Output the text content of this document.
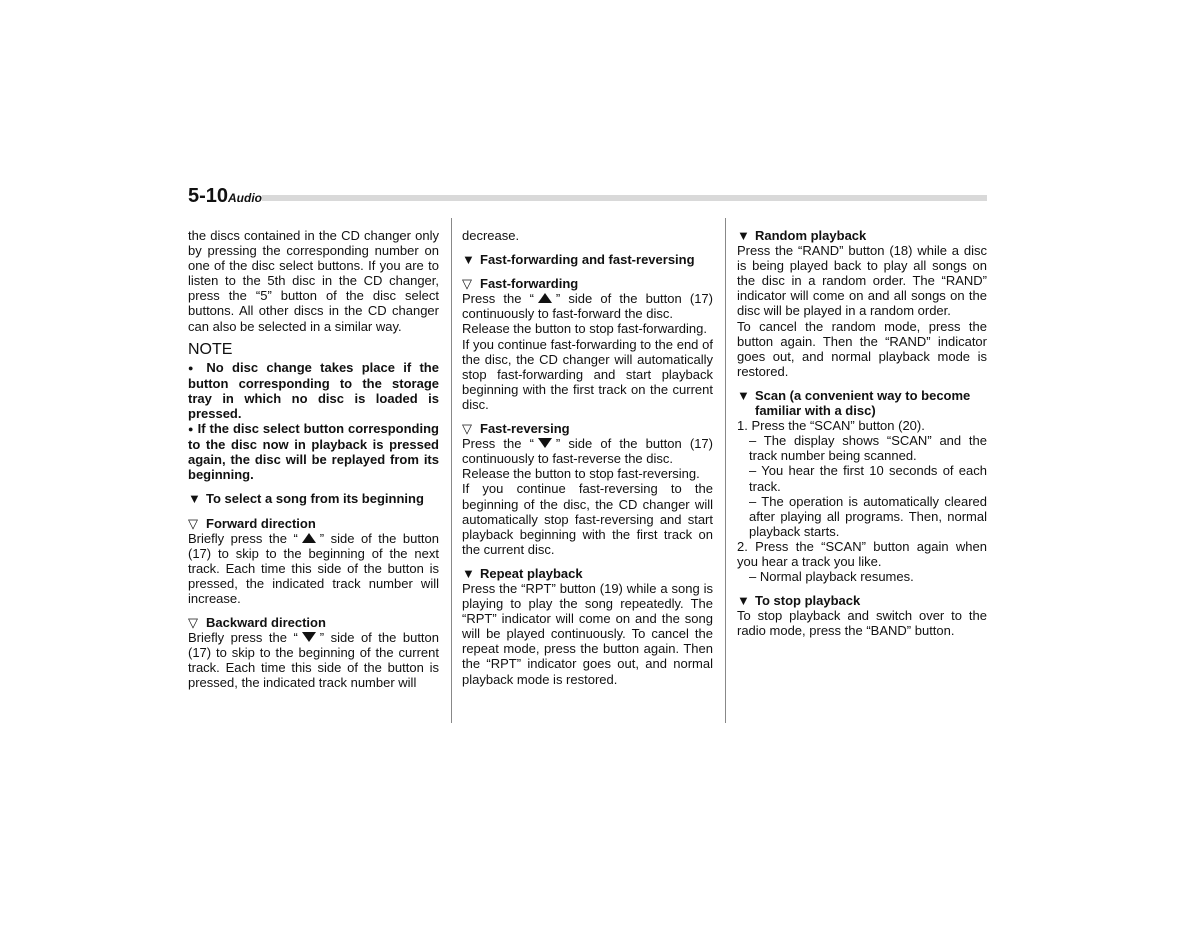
5-10 Audio

the discs contained in the CD changer only by pressing the corresponding number on one of the disc select buttons. If you are to listen to the 5th disc in the CD changer, press the “5” button of the disc select buttons. All other discs in the CD changer can also be selected in a similar way.

NOTE

● No disc change takes place if the button corresponding to the storage tray in which no disc is loaded is pressed.

● If the disc select button corresponding to the disc now in playback is pressed again, the disc will be replayed from its beginning.

▼ To select a song from its beginning
▽ Forward direction

Briefly press the “ ” side of the button (17) to skip to the beginning of the next track. Each time this side of the button is pressed, the indicated track number will increase.

▽ Backward direction

Briefly press the “ ” side of the button (17) to skip to the beginning of the current track. Each time this side of the button is pressed, the indicated track number will

decrease.

▼ Fast-forwarding and fast-reversing
▽ Fast-forwarding

Press the “ ” side of the button (17) continuously to fast-forward the disc.

Release the button to stop fast-forwarding.

If you continue fast-forwarding to the end of the disc, the CD changer will automatically stop fast-forwarding and start playback beginning with the first track on the current disc.

▽ Fast-reversing

Press the “ ” side of the button (17) continuously to fast-reverse the disc.

Release the button to stop fast-reversing.

If you continue fast-reversing to the beginning of the disc, the CD changer will automatically stop fast-reversing and start playback beginning with the first track on the current disc.

▼ Repeat playback

Press the “RPT” button (19) while a song is playing to play the song repeatedly. The “RPT” indicator will come on and the song will be played continuously. To cancel the repeat mode, press the button again. Then the “RPT” indicator goes out, and normal playback mode is restored.

▼ Random playback

Press the “RAND” button (18) while a disc is being played back to play all songs on the disc in a random order. The “RAND” indicator will come on and all songs on the disc will be played in a random order.

To cancel the random mode, press the button again. Then the “RAND” indicator goes out, and normal playback mode is restored.

▼ Scan (a convenient way to become familiar with a disc)

1. Press the “SCAN” button (20).

– The display shows “SCAN” and the track number being scanned.

– You hear the first 10 seconds of each track.

– The operation is automatically cleared after playing all programs. Then, normal playback starts.

2. Press the “SCAN” button again when you hear a track you like.

– Normal playback resumes.

▼ To stop playback

To stop playback and switch over to the radio mode, press the “BAND” button.
